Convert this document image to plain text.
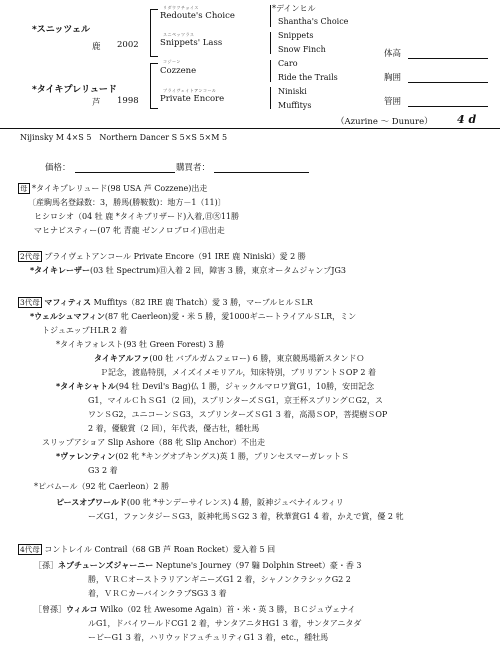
*スニッツェル
鹿 2002
*タイキプレリュード
芦 1998
リダウツチョイス
Redoute's Choice
スニペッツラス
Snippets' Lass
コジーン
Cozzene
プライヴェイトアンコール
Private Encore
*デインヒル
Shantha's Choice
Snippets
Snow Finch
Caro
Ride the Trails
Niniski
Muffitys
体高
胸囲
管囲
（Azurine ～ Dunure） 4 d
Nijinsky M 4×S 5　Northern Dancer S 5×S 5×M 5
価格：	購買者：
母 *タイキプレリュード(98 USA 芦 Cozzene)出走
〔産駒馬名登録数：3，勝馬(勝鞍数)：地方－1（11)〕
ヒシロシオ（04 牡 鹿 *タイキブリザード)入着,㊐㊋11勝
マヒナビスティー(07 牝 青鹿 ゼンノロブロイ)㊐出走
2代母 プライヴェトアンコール Private Encore（91 IRE 鹿 Niniski）愛 2 勝
*タイキレーザー(03 牡 Spectrum)㊐入着 2 回，障害 3 勝，東京オータムジャンプJG3
3代母 マフィティス Muffitys（82 IRE 鹿 Thatch）愛 3 勝，マーブルヒルＳLR
*ウェルシュマフィン(87 牝 Caerleon)愛・米 5 勝，愛1000ギニートライアルＳLR，ミン
トジュエップＨLR 2 着
*タイキフォレスト(93 牡 Green Forest) 3 勝
タイキアルファ(00 牡 バブルガムフェロー) 6 勝，東京競馬場新スタンドＯ
Ｐ記念，渡島特別，メイズイメモリアル，知床特別，ブリリアントＳOP 2 着
*タイキシャトル(94 牡 Devil's Bag)仏 1 勝，ジャックルマロワ賞G1，10勝，安田記念
G1，マイルＣｈＳG1（2 回)，スプリンターズＳG1，京王杯スプリングＣG2，ス
ワンＳG2，ユニコーンＳG3，スプリンターズＳG1 3 着，高湯ＳOP，菩提樹ＳOP
2 着，優駿賞（2 回），年代表，優古牡，種牡馬
スリップアショア Slip Ashore（88 牝 Slip Anchor）不出走
*ヴァレンティン(02 牝 *キングオブキングス)英 1 勝，プリンセスマーガレットＳ
G3 2 着
*ピバムール（92 牝 Caerleon）2 勝
ピースオブワールド(00 牝 *サンデーサイレンス) 4 勝，阪神ジュベナイルフィリ
ーズG1，ファンタジーＳG3，阪神牝馬ＳG2 3 着，秋華賞G1 4 着，かえで賞，優 2 牝
4代母 コントレイル Contrail（68 GB 芦 Roan Rocket）愛入着 5 回
［孫］ネプチューンズジャーニー Neptune's Journey（97 騸 Dolphin Street）豪・香 3
勝，ＶＲＣオーストラリアンギニーズG1 2 着，シャノンクラシックG2 2
着，ＶＲＣカーバインクラブSG3 3 着
［曾孫］ウィルコ Wilko（02 牡 Awesome Again）首・米・英 3 勝，ＢＣジュヴェナイ
ルG1，ドバイワールドCG1 2 着，サンタアニタHG1 3 着，サンタアニタダ
ービーG1 3 着，ハリウッドフュチュリティG1 3 着，etc.，種牡馬
